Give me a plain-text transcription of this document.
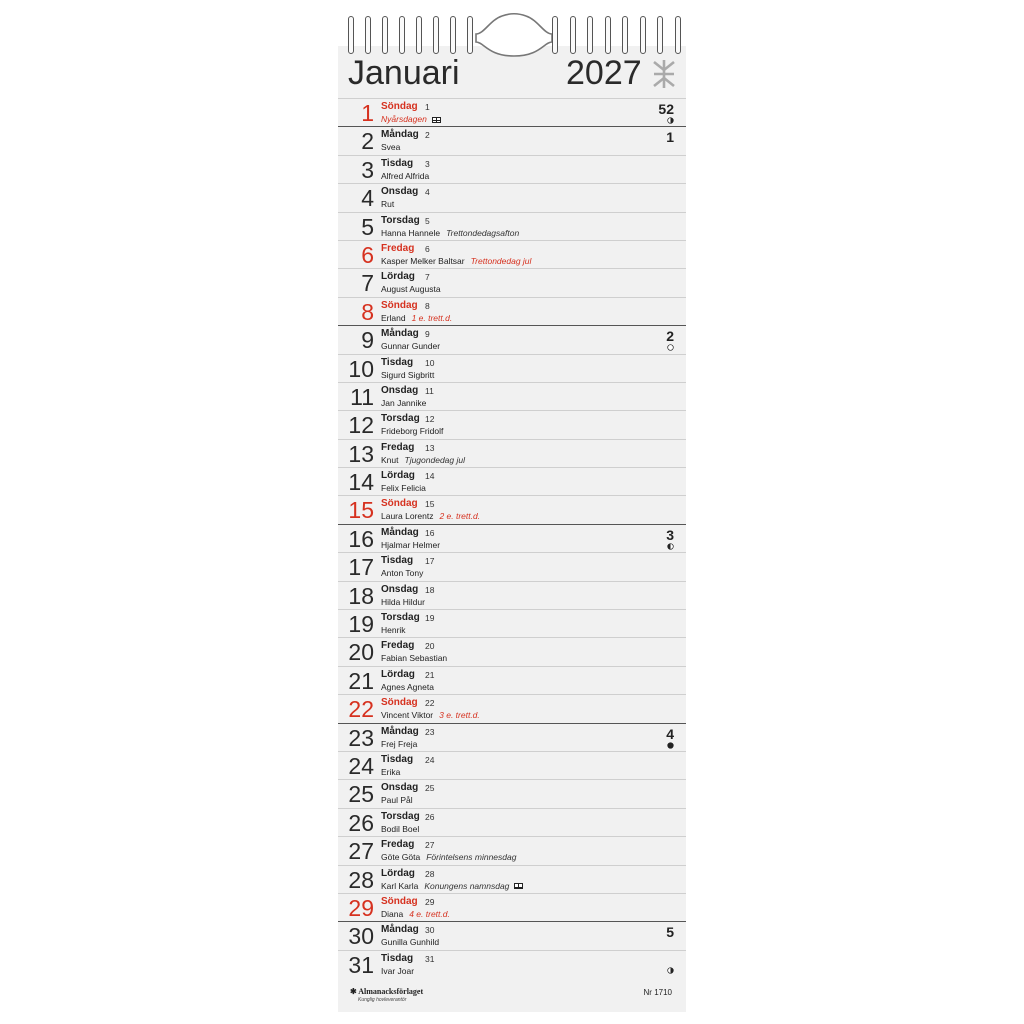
Januari	2027
1 Söndag 1
Nyårsdagen
52
2 Måndag 2
Svea
1
3 Tisdag 3
Alfred Alfrida
4 Onsdag 4
Rut
5 Torsdag 5
Hanna Hannele Trettondedagsafton
6 Fredag 6
Kasper Melker Baltsar Trettondedag jul
7 Lördag 7
August Augusta
8 Söndag 8
Erland 1 e. trett.d.
9 Måndag 9
Gunnar Gunder
2
10 Tisdag 10
Sigurd Sigbritt
11 Onsdag 11
Jan Jannike
12 Torsdag 12
Frideborg Fridolf
13 Fredag 13
Knut Tjugondedag jul
14 Lördag 14
Felix Felicia
15 Söndag 15
Laura Lorentz 2 e. trett.d.
16 Måndag 16
Hjalmar Helmer
3
17 Tisdag 17
Anton Tony
18 Onsdag 18
Hilda Hildur
19 Torsdag 19
Henrik
20 Fredag 20
Fabian Sebastian
21 Lördag 21
Agnes Agneta
22 Söndag 22
Vincent Viktor 3 e. trett.d.
23 Måndag 23
Frej Freja
4
24 Tisdag 24
Erika
25 Onsdag 25
Paul Pål
26 Torsdag 26
Bodil Boel
27 Fredag 27
Göte Göta Förintelsens minnesdag
28 Lördag 28
Karl Karla Konungens namnsdag
29 Söndag 29
Diana 4 e. trett.d.
30 Måndag 30
Gunilla Gunhild
5
31 Tisdag 31
Ivar Joar
✱ Almanacksförlaget
Kunglig hovleverantör
Nr 1710
